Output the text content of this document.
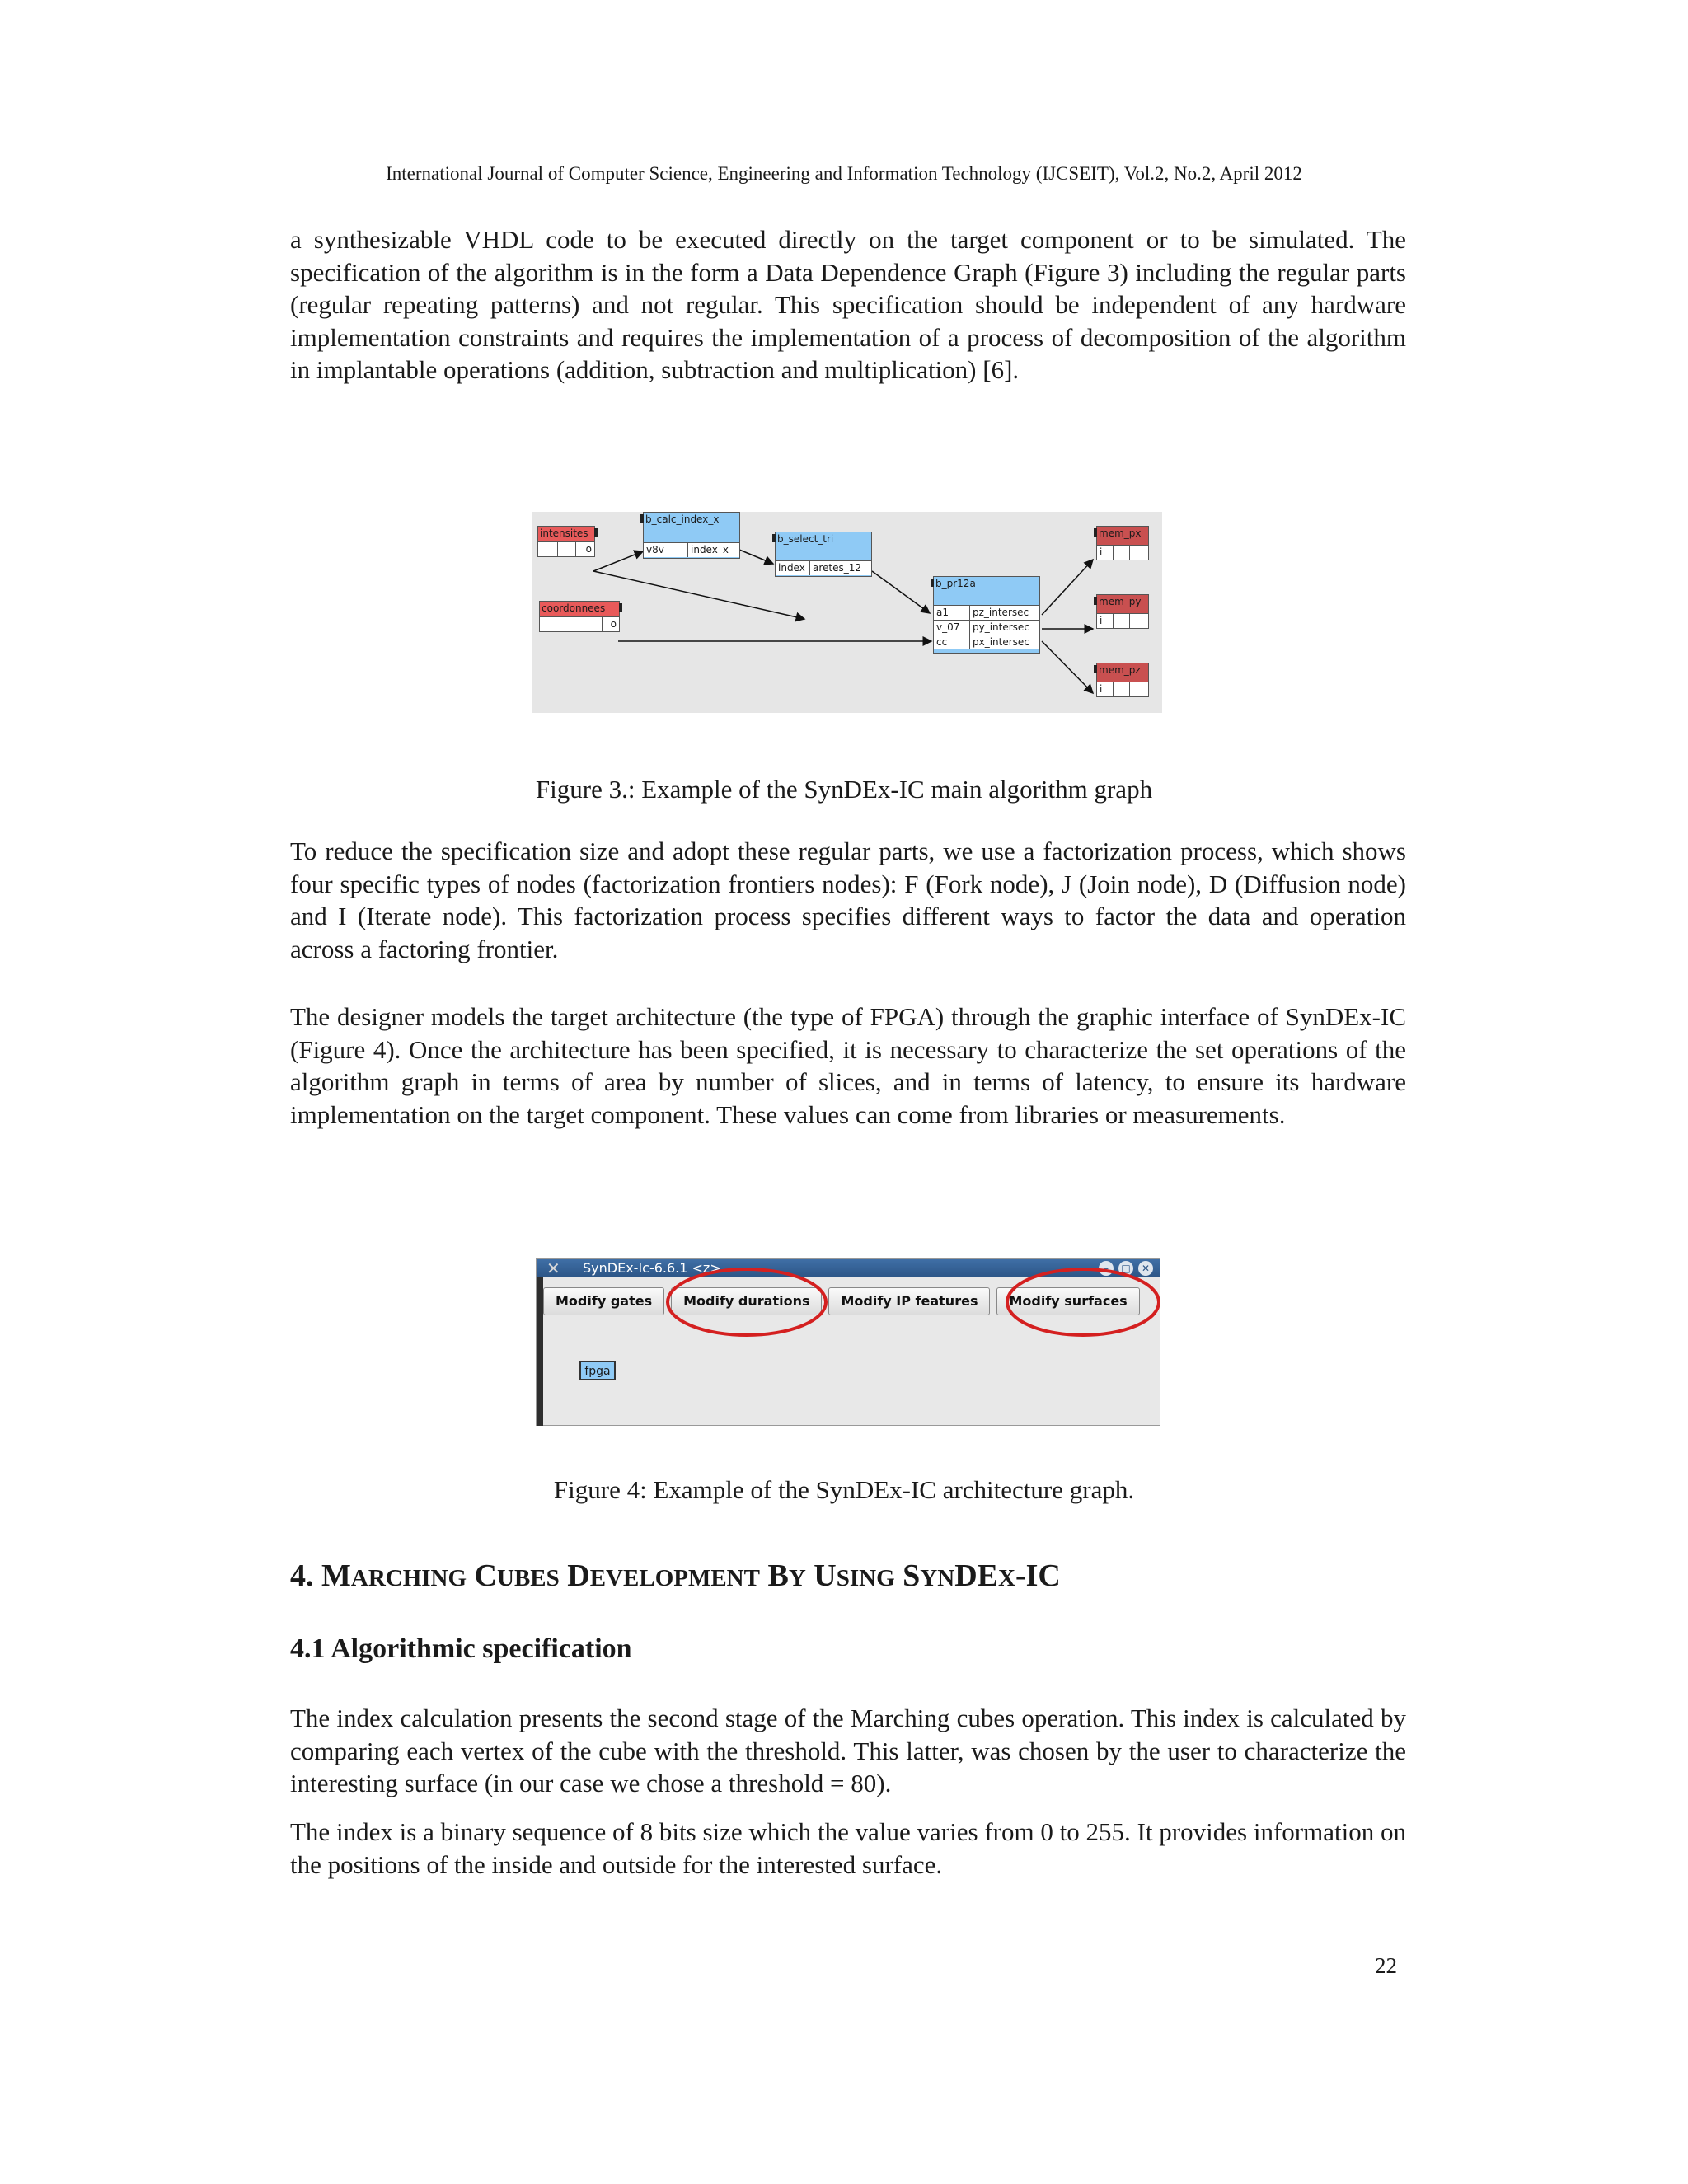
International Journal of Computer Science, Engineering and Information Technology (IJCSEIT), Vol.2, No.2, April 2012

a synthesizable VHDL code to be executed directly on the target component or to be simulated. The specification of the algorithm is in the form a Data Dependence Graph (Figure 3) including the regular parts (regular repeating patterns) and not regular. This specification should be independent of any hardware implementation constraints and requires the implementation of a process of decomposition of the algorithm in implantable operations (addition, subtraction and multiplication) [6].

intensites
o
coordonnees
o
b_calc_index_x
v8v	index_x
b_select_tri
index aretes_12
b_pr12a
a1	pz_intersec
v_07	py_intersec
cc	px_intersec
mem_px
i
mem_py
i
mem_pz
i
Figure 3.: Example of the SynDEx-IC main algorithm graph

To reduce the specification size and adopt these regular parts, we use a factorization process, which shows four specific types of nodes (factorization frontiers nodes): F (Fork node), J (Join node), D (Diffusion node) and I (Iterate node). This factorization process specifies different ways to factor the data and operation across a factoring frontier.

The designer models the target architecture (the type of FPGA) through the graphic interface of SynDEx-IC (Figure 4). Once the architecture has been specified, it is necessary to characterize the set operations of the algorithm graph in terms of area by number of slices, and in terms of latency, to ensure its hardware implementation on the target component. These values can come from libraries or measurements.

✕ SynDEx-Ic-6.6.1 <z>	–	□	✕
Modify gates	Modify durations	Modify IP features	Modify surfaces
fpga
Figure 4: Example of the SynDEx-IC architecture graph.
4. MARCHING CUBES DEVELOPMENT BY USING SYNDEX-IC
4.1 Algorithmic specification

The index calculation presents the second stage of the Marching cubes operation. This index is calculated by comparing each vertex of the cube with the threshold. This latter, was chosen by the user to characterize the interesting surface (in our case we chose a threshold = 80).

The index is a binary sequence of 8 bits size which the value varies from 0 to 255. It provides information on the positions of the inside and outside for the interested surface.

22
